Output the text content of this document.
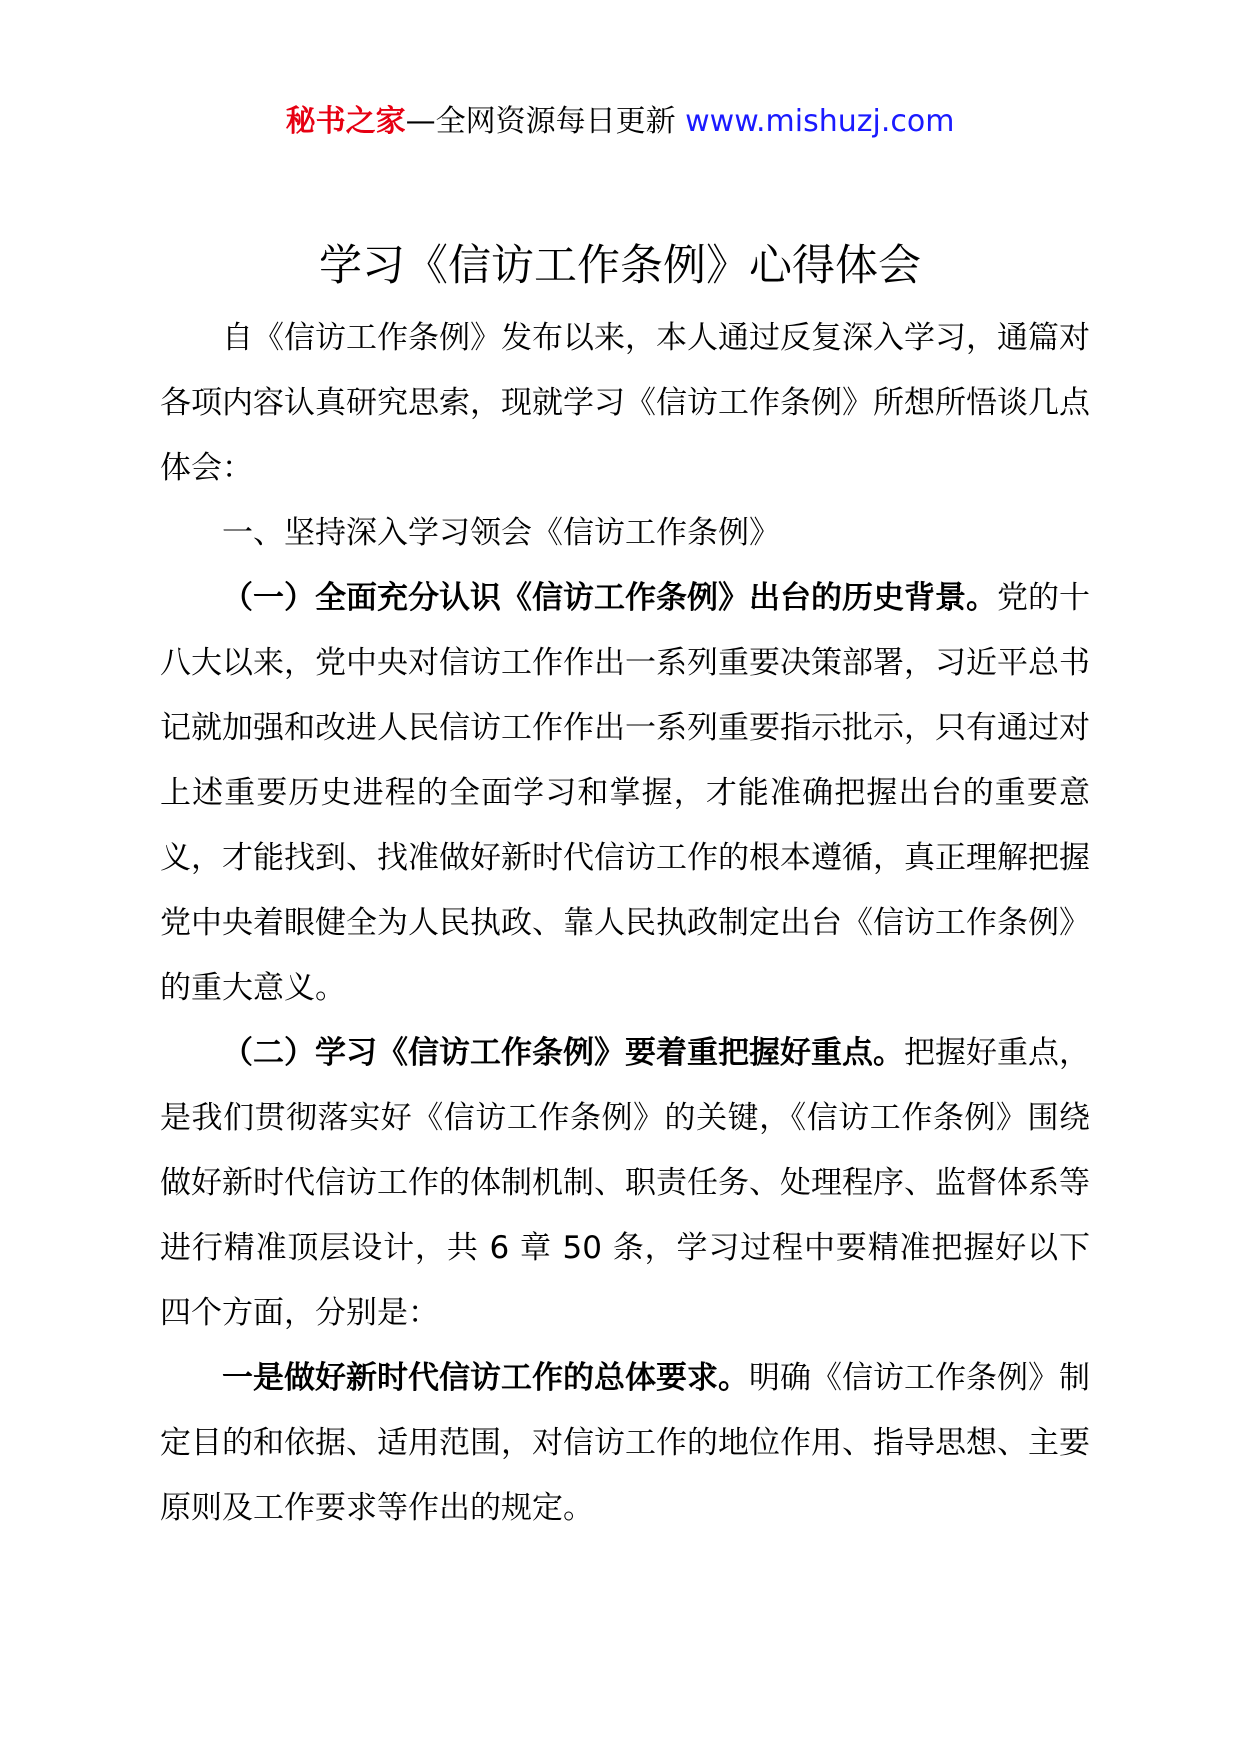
秘书之家—全网资源每日更新 www.mishuzj.com
学习《信访工作条例》心得体会

自《信访工作条例》发布以来，本人通过反复深入学习，通篇对各项内容认真研究思索，现就学习《信访工作条例》所想所悟谈几点体会：

一、坚持深入学习领会《信访工作条例》

（一）全面充分认识《信访工作条例》出台的历史背景。党的十八大以来，党中央对信访工作作出一系列重要决策部署，习近平总书记就加强和改进人民信访工作作出一系列重要指示批示，只有通过对上述重要历史进程的全面学习和掌握，才能准确把握出台的重要意义，才能找到、找准做好新时代信访工作的根本遵循，真正理解把握党中央着眼健全为人民执政、靠人民执政制定出台《信访工作条例》的重大意义。

（二）学习《信访工作条例》要着重把握好重点。把握好重点，是我们贯彻落实好《信访工作条例》的关键，《信访工作条例》围绕做好新时代信访工作的体制机制、职责任务、处理程序、监督体系等进行精准顶层设计，共 6 章 50 条，学习过程中要精准把握好以下四个方面，分别是：

一是做好新时代信访工作的总体要求。明确《信访工作条例》制定目的和依据、适用范围，对信访工作的地位作用、指导思想、主要原则及工作要求等作出的规定。
